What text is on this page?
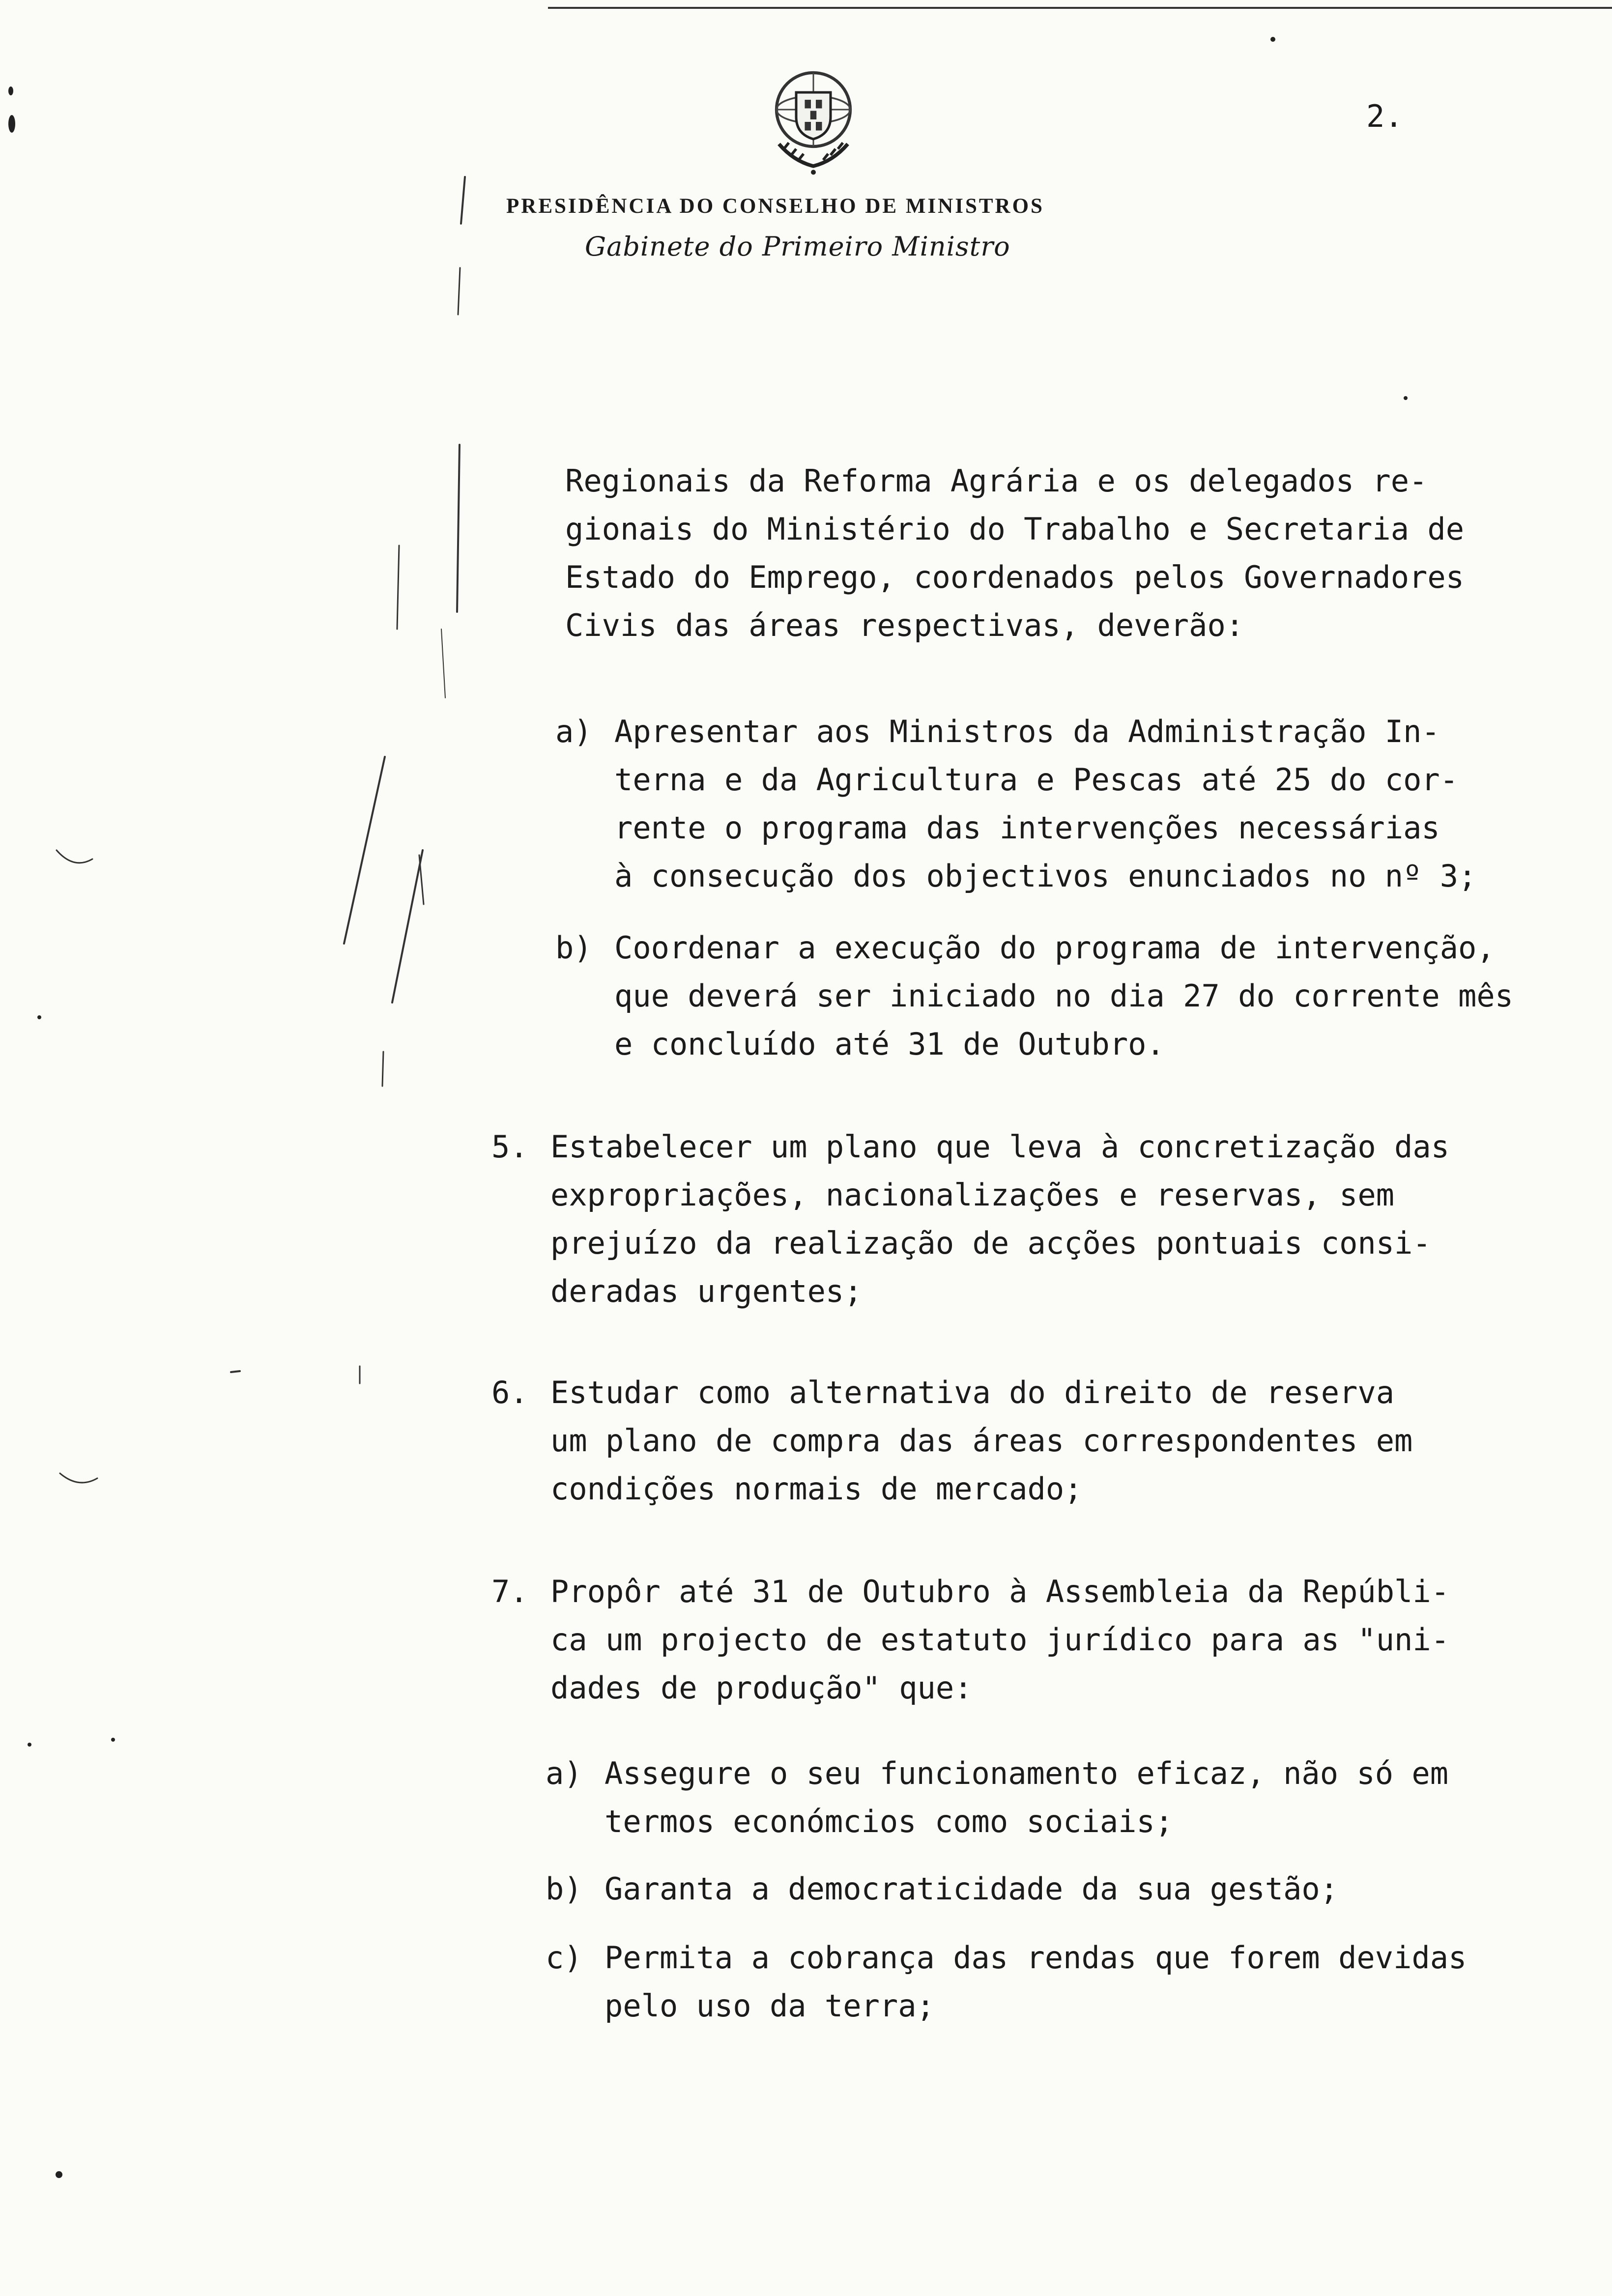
2.
PRESIDÊNCIA DO CONSELHO DE MINISTROS
Gabinete do Primeiro Ministro
Regionais da Reforma Agrária e os delegados re-
gionais do Ministério do Trabalho e Secretaria de
Estado do Emprego, coordenados pelos Governadores
Civis das áreas respectivas, deverão:
a) Apresentar aos Ministros da Administração In-
terna e da Agricultura e Pescas até 25 do cor-
rente o programa das intervenções necessárias
à consecução dos objectivos enunciados no nº 3;
b) Coordenar a execução do programa de intervenção,
que deverá ser iniciado no dia 27 do corrente mês
e concluído até 31 de Outubro.
5. Estabelecer um plano que leva à concretização das
expropriações, nacionalizações e reservas, sem
prejuízo da realização de acções pontuais consi-
deradas urgentes;
6. Estudar como alternativa do direito de reserva
um plano de compra das áreas correspondentes em
condições normais de mercado;
7. Propôr até 31 de Outubro à Assembleia da Repúbli-
ca um projecto de estatuto jurídico para as "uni-
dades de produção" que:
a) Assegure o seu funcionamento eficaz, não só em
termos económcios como sociais;
b) Garanta a democraticidade da sua gestão;
c) Permita a cobrança das rendas que forem devidas
pelo uso da terra;
